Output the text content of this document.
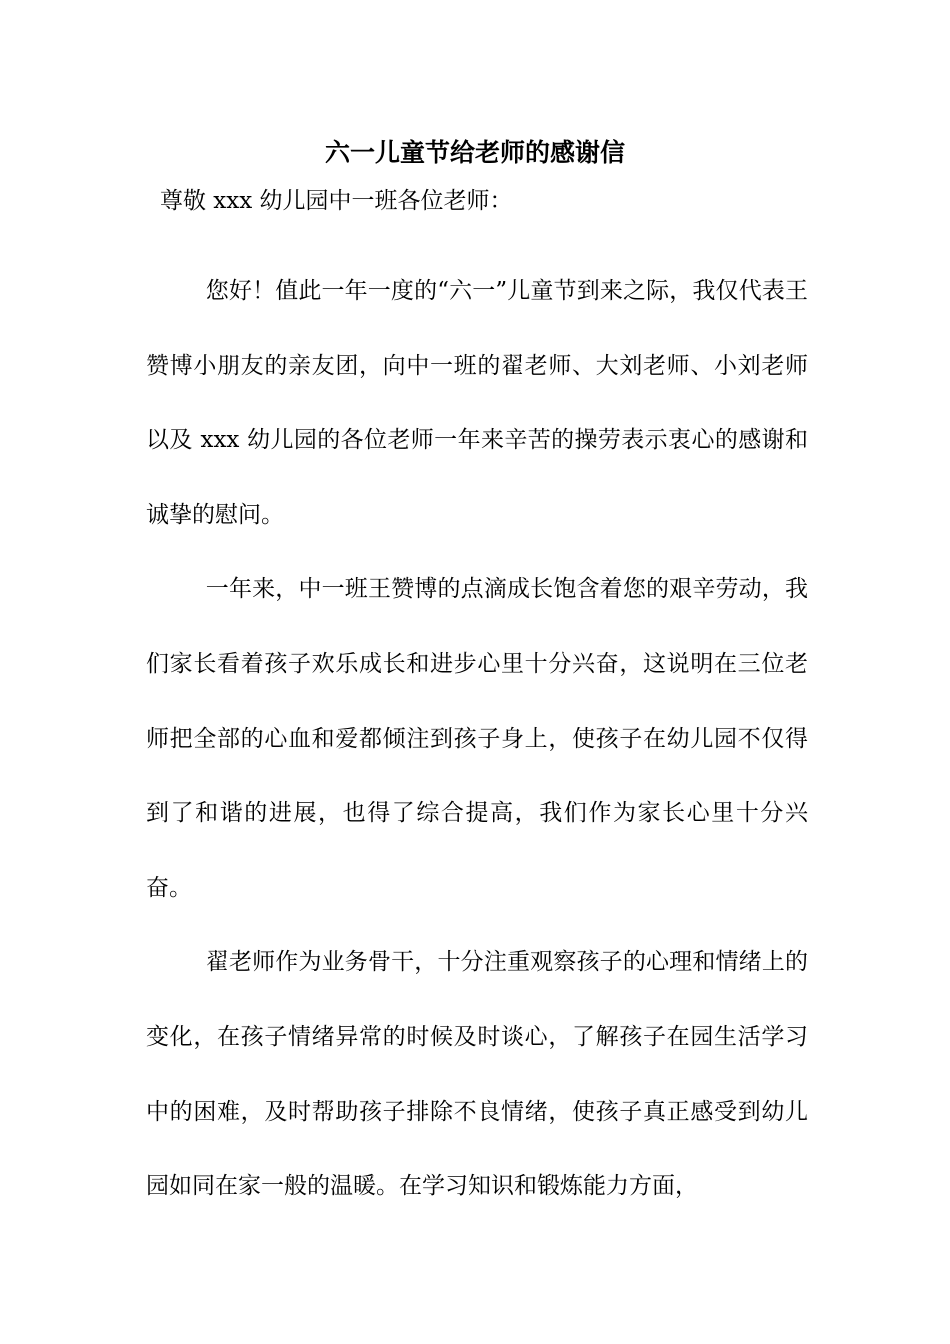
六一儿童节给老师的感谢信

尊敬 xxx 幼儿园中一班各位老师：

您好！值此一年一度的“六一”儿童节到来之际，我仅代表王赞博小朋友的亲友团，向中一班的翟老师、大刘老师、小刘老师以及 xxx 幼儿园的各位老师一年来辛苦的操劳表示衷心的感谢和诚挚的慰问。

一年来，中一班王赞博的点滴成长饱含着您的艰辛劳动，我们家长看着孩子欢乐成长和进步心里十分兴奋，这说明在三位老师把全部的心血和爱都倾注到孩子身上，使孩子在幼儿园不仅得到了和谐的进展，也得了综合提高，我们作为家长心里十分兴奋。

翟老师作为业务骨干，十分注重观察孩子的心理和情绪上的变化，在孩子情绪异常的时候及时谈心，了解孩子在园生活学习中的困难，及时帮助孩子排除不良情绪，使孩子真正感受到幼儿园如同在家一般的温暖。在学习知识和锻炼能力方面，
